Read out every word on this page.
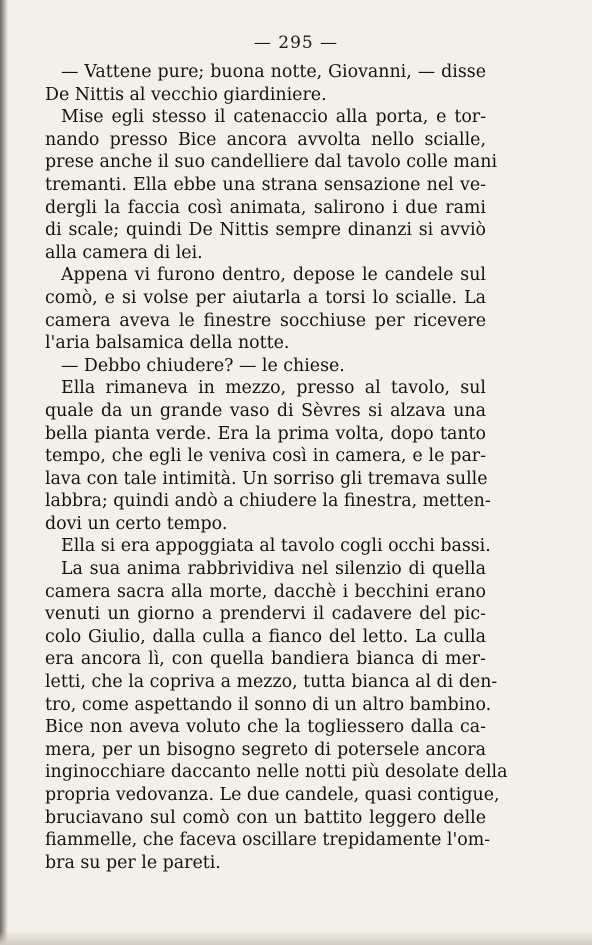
— 295 —
— Vattene pure; buona notte, Giovanni, — disse
De Nittis al vecchio giardiniere.
Mise egli stesso il catenaccio alla porta, e tor-
nando presso Bice ancora avvolta nello scialle,
prese anche il suo candelliere dal tavolo colle mani
tremanti. Ella ebbe una strana sensazione nel ve-
dergli la faccia così animata, salirono i due rami
di scale; quindi De Nittis sempre dinanzi si avviò
alla camera di lei.
Appena vi furono dentro, depose le candele sul
comò, e si volse per aiutarla a torsi lo scialle. La
camera aveva le finestre socchiuse per ricevere
l'aria balsamica della notte.
— Debbo chiudere? — le chiese.
Ella rimaneva in mezzo, presso al tavolo, sul
quale da un grande vaso di Sèvres si alzava una
bella pianta verde. Era la prima volta, dopo tanto
tempo, che egli le veniva così in camera, e le par-
lava con tale intimità. Un sorriso gli tremava sulle
labbra; quindi andò a chiudere la finestra, metten-
dovi un certo tempo.
Ella si era appoggiata al tavolo cogli occhi bassi.
La sua anima rabbrividiva nel silenzio di quella
camera sacra alla morte, dacchè i becchini erano
venuti un giorno a prendervi il cadavere del pic-
colo Giulio, dalla culla a fianco del letto. La culla
era ancora lì, con quella bandiera bianca di mer-
letti, che la copriva a mezzo, tutta bianca al di den-
tro, come aspettando il sonno di un altro bambino.
Bice non aveva voluto che la togliessero dalla ca-
mera, per un bisogno segreto di potersele ancora
inginocchiare daccanto nelle notti più desolate della
propria vedovanza. Le due candele, quasi contigue,
bruciavano sul comò con un battito leggero delle
fiammelle, che faceva oscillare trepidamente l'om-
bra su per le pareti.
